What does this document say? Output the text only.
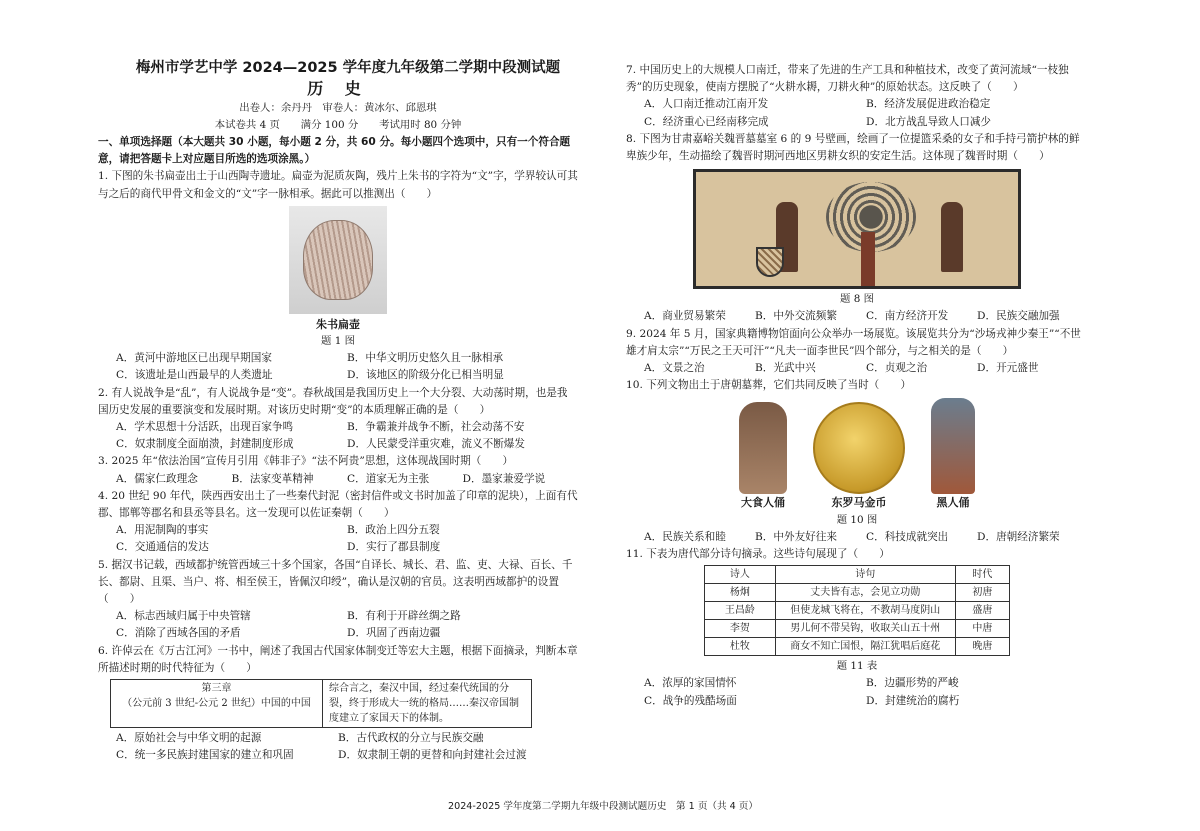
梅州市学艺中学 2024—2025 学年度九年级第二学期中段测试题
历 史
出卷人：余丹丹　审卷人：黄冰尔、邱恩琪
本试卷共 4 页　　满分 100 分　　考试用时 80 分钟
一、单项选择题（本大题共 30 小题，每小题 2 分，共 60 分。每小题四个选项中，只有一个符合题意，请把答题卡上对应题目所选的选项涂黑。）
1. 下图的朱书扁壶出土于山西陶寺遗址。扁壶为泥质灰陶，残片上朱书的字符为“文”字，学界较认可其与之后的商代甲骨文和金文的“文”字一脉相承。据此可以推测出（　　）
朱书扁壶
题 1 图
A．黄河中游地区已出现早期国家	B．中华文明历史悠久且一脉相承
C．该遗址是山西最早的人类遗址	D．该地区的阶级分化已相当明显
2. 有人说战争是“乱”，有人说战争是“变”。春秋战国是我国历史上一个大分裂、大动荡时期，也是我国历史发展的重要演变和发展时期。对该历史时期“变”的本质理解正确的是（　　）
A．学术思想十分活跃，出现百家争鸣	B．争霸兼并战争不断，社会动荡不安
C．奴隶制度全面崩溃，封建制度形成	D．人民蒙受洋重灾难，流义不断爆发
3. 2025 年“依法治国”宣传月引用《韩非子》“法不阿贵”思想，这体现战国时期（　　）
A．儒家仁政理念	B．法家变革精神	C．道家无为主张	D．墨家兼爱学说
4. 20 世纪 90 年代，陕西西安出土了一些秦代封泥（密封信件或文书时加盖了印章的泥块），上面有代郡、邯郸等郡名和县丞等县名。这一发现可以佐证秦朝（　　）
A．用泥制陶的事实	B．政治上四分五裂
C．交通通信的发达	D．实行了郡县制度
5. 据汉书记载，西域都护统管西域三十多个国家，各国“自译长、城长、君、监、吏、大禄、百长、千长、都尉、且渠、当户、将、相至侯王，皆佩汉印绶”，确认是汉朝的官员。这表明西域都护的设置（　　）
A．标志西域归属于中央管辖	B．有利于开辟丝绸之路
C．消除了西域各国的矛盾	D．巩固了西南边疆
6. 许倬云在《万古江河》一书中，阐述了我国古代国家体制变迁等宏大主题，根据下面摘录，判断本章所描述时期的时代特征为（　　）
第三章
（公元前 3 世纪-公元 2 世纪）中国的中国	综合言之，秦汉中国，经过秦代统国的分裂，终于形成大一统的格局……秦汉帝国制度建立了家国天下的体制。
A．原始社会与中华文明的起源	B．古代政权的分立与民族交融
C．统一多民族封建国家的建立和巩固	D．奴隶制王朝的更替和向封建社会过渡
7. 中国历史上的大规模人口南迁，带来了先进的生产工具和种植技术，改变了黄河流域“一枝独秀”的历史现象，使南方摆脱了“火耕水耨，刀耕火种”的原始状态。这反映了（　　）
A．人口南迁推动江南开发	B．经济发展促进政治稳定
C．经济重心已经南移完成	D．北方战乱导致人口减少
8. 下图为甘肃嘉峪关魏晋墓墓室 6 的 9 号壁画，绘画了一位提篮采桑的女子和手持弓箭护林的鲜卑族少年，生动描绘了魏晋时期河西地区男耕女织的安定生活。这体现了魏晋时期（　　）
题 8 图
A．商业贸易繁荣	B．中外交流频繁	C．南方经济开发	D．民族交融加强
9. 2024 年 5 月，国家典籍博物馆面向公众举办一场展览。该展览共分为“沙场戎神少秦王”“不世雄才肩太宗”“万民之王天可汗”“凡夫一面李世民”四个部分，与之相关的是（　　）
A．文景之治	B．光武中兴	C．贞观之治	D．开元盛世
10. 下列文物出土于唐朝墓葬，它们共同反映了当时（　　）
大食人俑	东罗马金币	黑人俑
题 10 图
A．民族关系和睦	B．中外友好往来	C．科技成就突出	D．唐朝经济繁荣
11. 下表为唐代部分诗句摘录。这些诗句展现了（　　）
诗人	诗句	时代
杨炯	丈夫皆有志，会见立功勋	初唐
王昌龄	但使龙城飞将在，不教胡马度阴山	盛唐
李贺	男儿何不带吴钩，收取关山五十州	中唐
杜牧	商女不知亡国恨，隔江犹唱后庭花	晚唐
题 11 表
A．浓厚的家国情怀	B．边疆形势的严峻
C．战争的残酷场面	D．封建统治的腐朽
2024-2025 学年度第二学期九年级中段测试题历史　第 1 页（共 4 页）
